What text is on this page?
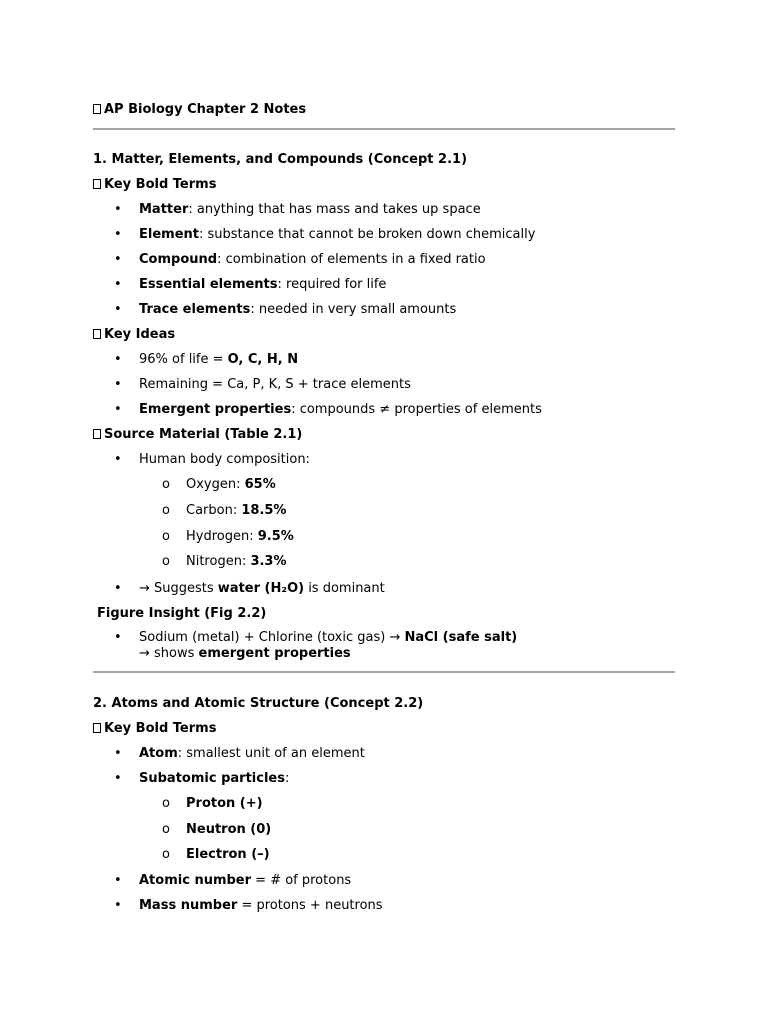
AP Biology Chapter 2 Notes
1. Matter, Elements, and Compounds (Concept 2.1)
Key Bold Terms
• Matter: anything that has mass and takes up space
• Element: substance that cannot be broken down chemically
• Compound: combination of elements in a fixed ratio
• Essential elements: required for life
• Trace elements: needed in very small amounts
Key Ideas
• 96% of life = O, C, H, N
• Remaining = Ca, P, K, S + trace elements
• Emergent properties: compounds ≠ properties of elements
Source Material (Table 2.1)
• Human body composition:
o Oxygen: 65%
o Carbon: 18.5%
o Hydrogen: 9.5%
o Nitrogen: 3.3%
• → Suggests water (H₂O) is dominant
Figure Insight (Fig 2.2)
• Sodium (metal) + Chlorine (toxic gas) → NaCl (safe salt)
→ shows emergent properties
2. Atoms and Atomic Structure (Concept 2.2)
Key Bold Terms
• Atom: smallest unit of an element
• Subatomic particles:
o Proton (+)
o Neutron (0)
o Electron (–)
• Atomic number = # of protons
• Mass number = protons + neutrons
